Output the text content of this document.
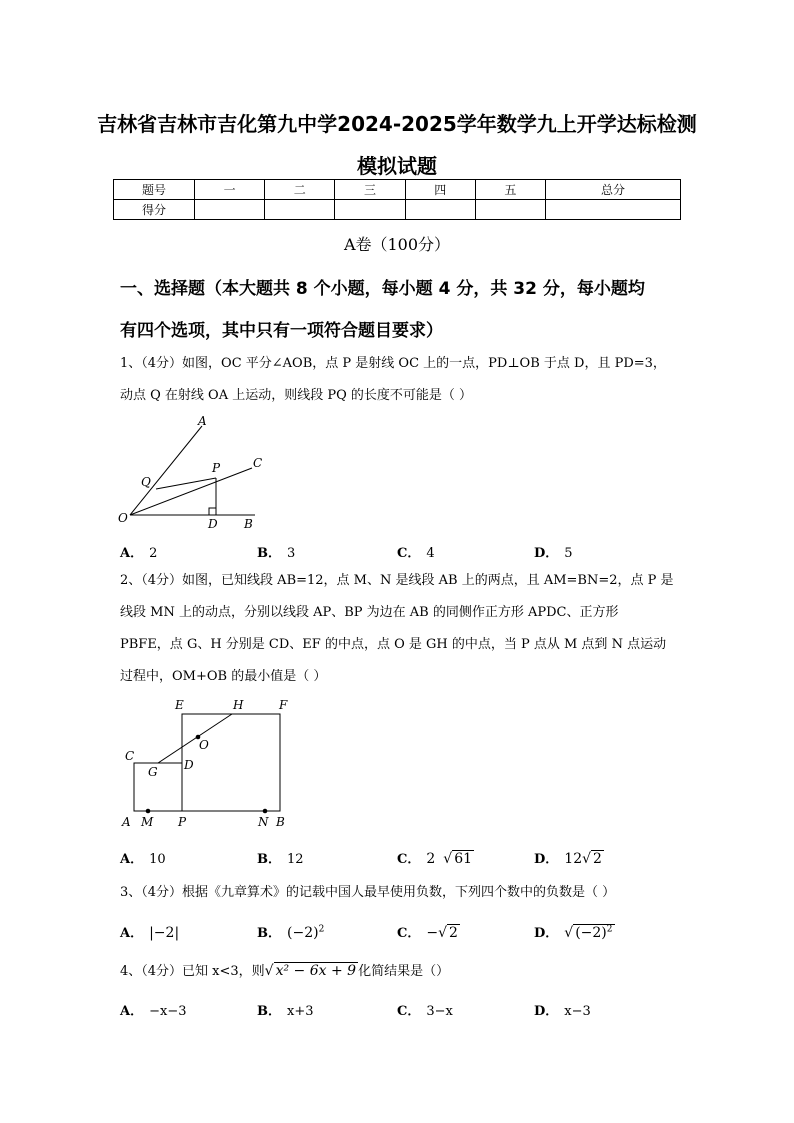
吉林省吉林市吉化第九中学2024-2025学年数学九上开学达标检测
模拟试题
题号	一	二	三	四	五	总分
得分						
A卷（100分）
一、选择题（本大题共 8 个小题，每小题 4 分，共 32 分，每小题均
有四个选项，其中只有一项符合题目要求）
1、（4分）如图，OC 平分∠AOB，点 P 是射线 OC 上的一点，PD⊥OB 于点 D，且 PD=3，
动点 Q 在射线 OA 上运动，则线段 PQ 的长度不可能是（ ）
A
C
P
Q
O	D B
A． 2	B． 3	C． 4	D． 5
2、（4分）如图，已知线段 AB=12，点 M、N 是线段 AB 上的两点，且 AM=BN=2，点 P 是
线段 MN 上的动点，分别以线段 AP、BP 为边在 AB 的同侧作正方形 APDC、正方形
PBFE，点 G、H 分别是 CD、EF 的中点，点 O 是 GH 的中点，当 P 点从 M 点到 N 点运动
过程中，OM+OB 的最小值是（ ）
E	H	F
O
C
G D
A M P	N B
A． 10	B． 12	C． 2 √ 61	D． 12√ 2
3、（4分）根据《九章算术》的记载中国人最早使用负数，下列四个数中的负数是（ ）
A． |−2|	B． $(-2)^2$	C． −√ 2	D． √ $(-2)^2$
4、（4分）已知 x<3，则√ x² − 6x + 9 化简结果是（）
A． −x−3	B． x+3	C． 3−x	D． x−3
